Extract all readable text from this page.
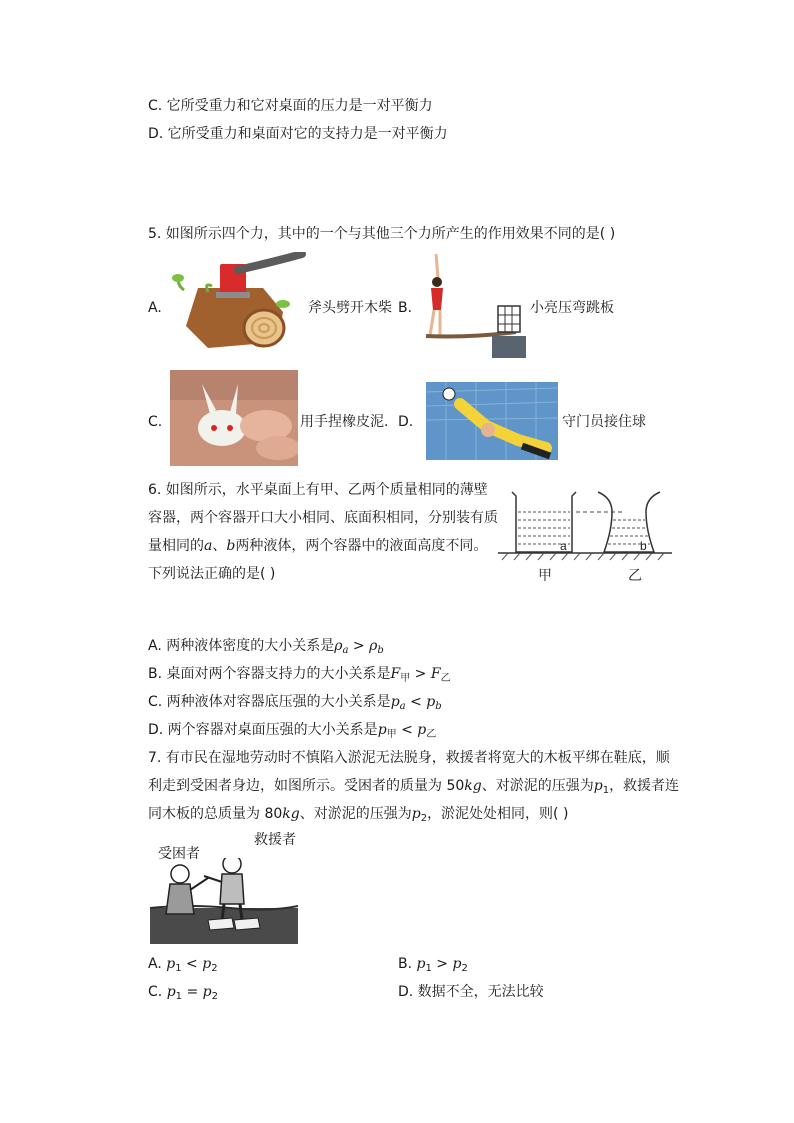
C. 它所受重力和它对桌面的压力是一对平衡力
D. 它所受重力和桌面对它的支持力是一对平衡力
5. 如图所示四个力，其中的一个与其他三个力所产生的作用效果不同的是( )
A.	斧头劈开木柴 B.	小亮压弯跳板
C.	用手捏橡皮泥. D.	守门员接住球
6. 如图所示，水平桌面上有甲、乙两个质量相同的薄壁
容器，两个容器开口大小相同、底面积相同，分别装有质
量相同的a、b两种液体，两个容器中的液面高度不同。
下列说法正确的是( )
a	b
甲	乙
A. 两种液体密度的大小关系是$\rho_a > \rho_b$
B. 桌面对两个容器支持力的大小关系是$F_甲 > F_乙$
C. 两种液体对容器底压强的大小关系是$p_a < p_b$
D. 两个容器对桌面压强的大小关系是$p_甲 < p_乙$
7. 有市民在湿地劳动时不慎陷入淤泥无法脱身，救援者将宽大的木板平绑在鞋底，顺
利走到受困者身边，如图所示。受困者的质量为 50kg、对淤泥的压强为$p_1$，救援者连
同木板的总质量为 80kg、对淤泥的压强为$p_2$，淤泥处处相同，则( )
受困者
救援者
A. $p_1 < p_2$	B. $p_1 > p_2$
C. $p_1 = p_2$	D. 数据不全，无法比较
